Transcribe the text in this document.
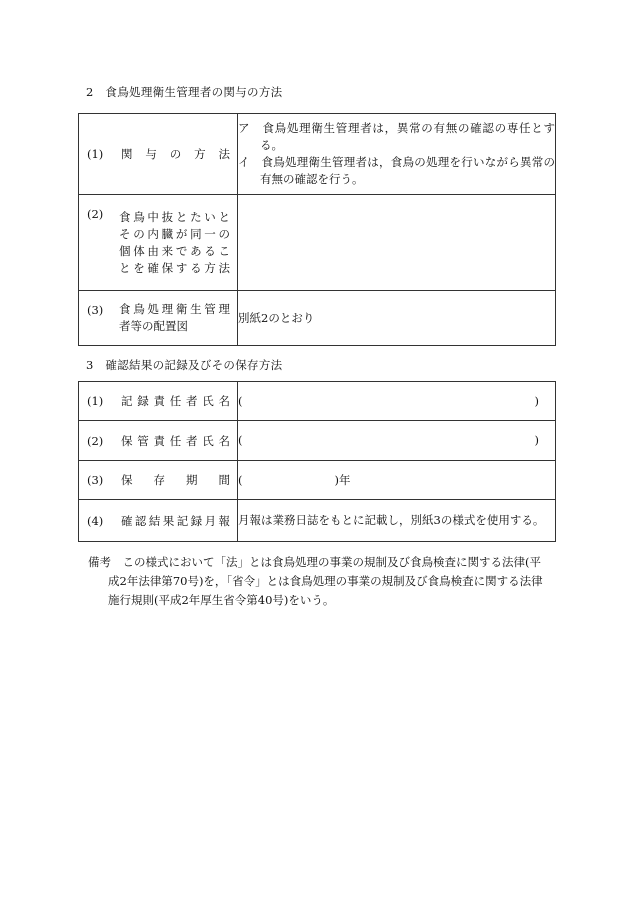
2　食鳥処理衛生管理者の関与の方法
(1) 関　与　の　方　法	ア　食鳥処理衛生管理者は，異常の有無の確認の専任とする。
イ　食鳥処理衛生管理者は，食鳥の処理を行いながら異常の有無の確認を行う。

(2) 食鳥中抜とたいと
その内臓が同一の
個体由来であるこ
とを確保する方法	

(3) 食鳥処理衛生管理
者等の配置図	別紙2のとおり
3　確認結果の記録及びその保存方法
(1) 記録責任者氏名	( )

(2) 保管責任者氏名	( )

(3) 保　存　期　間	( )年

(4) 確認結果記録月報	月報は業務日誌をもとに記載し，別紙3の様式を使用する。
備考　この様式において「法」とは食鳥処理の事業の規制及び食鳥検査に関する法律(平
成2年法律第70号)を，「省令」とは食鳥処理の事業の規制及び食鳥検査に関する法律
施行規則(平成2年厚生省令第40号)をいう。
